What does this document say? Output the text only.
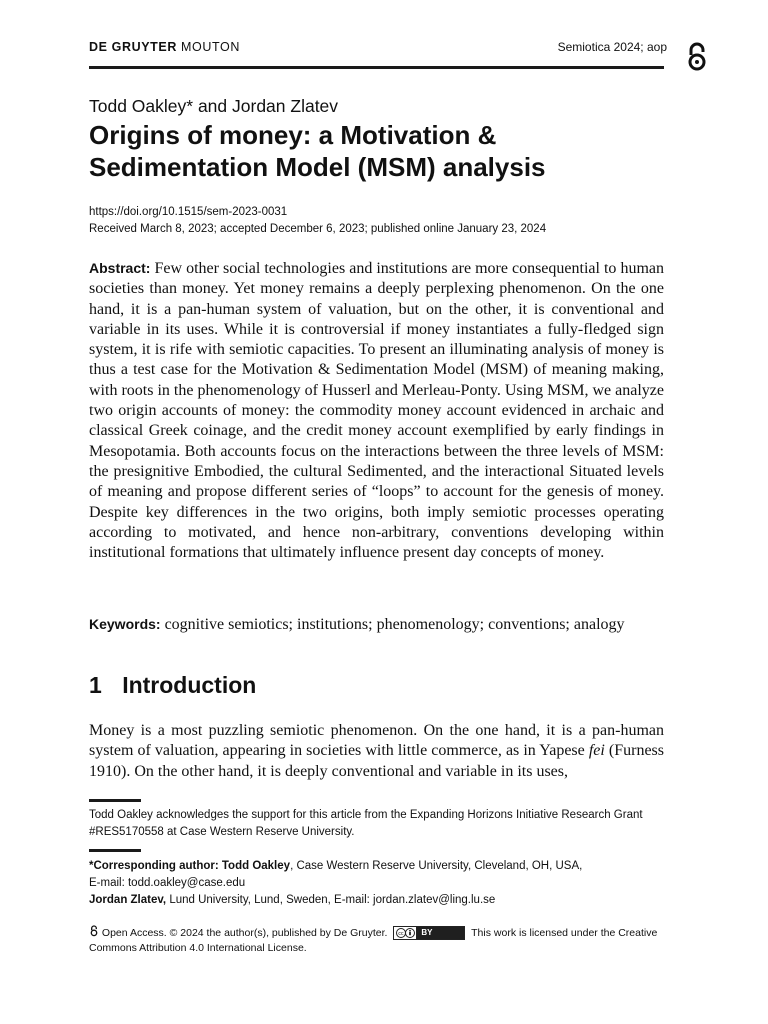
DE GRUYTER MOUTON	Semiotica 2024; aop
Todd Oakley* and Jordan Zlatev
Origins of money: a Motivation & Sedimentation Model (MSM) analysis
https://doi.org/10.1515/sem-2023-0031
Received March 8, 2023; accepted December 6, 2023; published online January 23, 2024
Abstract: Few other social technologies and institutions are more consequential to human societies than money. Yet money remains a deeply perplexing phenomenon. On the one hand, it is a pan-human system of valuation, but on the other, it is conventional and variable in its uses. While it is controversial if money instantiates a fully-fledged sign system, it is rife with semiotic capacities. To present an illuminating analysis of money is thus a test case for the Motivation & Sedimentation Model (MSM) of meaning making, with roots in the phenomenology of Husserl and Merleau-Ponty. Using MSM, we analyze two origin accounts of money: the commodity money account evidenced in archaic and classical Greek coinage, and the credit money account exemplified by early findings in Mesopotamia. Both accounts focus on the interactions between the three levels of MSM: the presignitive Embodied, the cultural Sedimented, and the interactional Situated levels of meaning and propose different series of “loops” to account for the genesis of money. Despite key differences in the two origins, both imply semiotic processes operating according to motivated, and hence non-arbitrary, conventions developing within institutional formations that ultimately influence present day concepts of money.
Keywords: cognitive semiotics; institutions; phenomenology; conventions; analogy
1 Introduction
Money is a most puzzling semiotic phenomenon. On the one hand, it is a pan-human system of valuation, appearing in societies with little commerce, as in Yapese fei (Furness 1910). On the other hand, it is deeply conventional and variable in its uses,
Todd Oakley acknowledges the support for this article from the Expanding Horizons Initiative Research Grant #RES5170558 at Case Western Reserve University.
*Corresponding author: Todd Oakley, Case Western Reserve University, Cleveland, OH, USA,
E-mail: todd.oakley@case.edu
Jordan Zlatev, Lund University, Lund, Sweden, E-mail: jordan.zlatev@ling.lu.se
Open Access. © 2024 the author(s), published by De Gruyter. cc BY	This work is licensed under the Creative Commons Attribution 4.0 International License.
